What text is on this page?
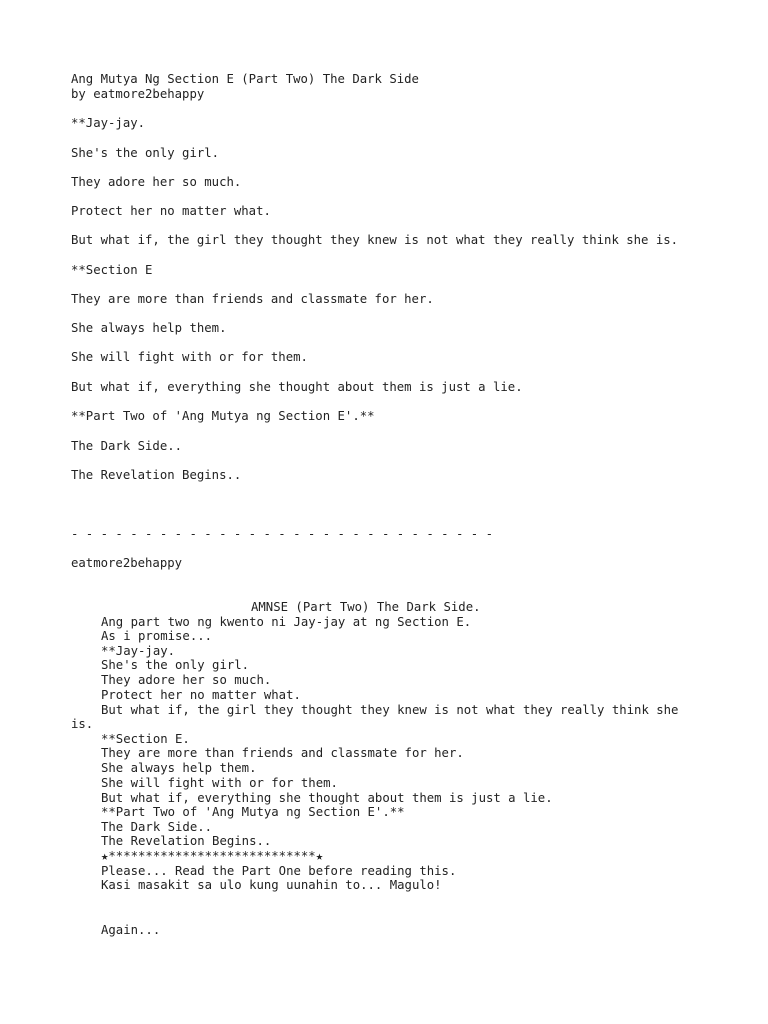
Ang Mutya Ng Section E (Part Two) The Dark Side
by eatmore2behappy
**Jay-jay.
She's the only girl.
They adore her so much.
Protect her no matter what.
But what if, the girl they thought they knew is not what they really think she is.
**Section E
They are more than friends and classmate for her.
She always help them.
She will fight with or for them.
But what if, everything she thought about them is just a lie.
**Part Two of 'Ang Mutya ng Section E'.**
The Dark Side..
The Revelation Begins..
- - - - - - - - - - - - - - - - - - - - - - - - - - - - -
eatmore2behappy
AMNSE (Part Two) The Dark Side.
Ang part two ng kwento ni Jay-jay at ng Section E.
As i promise...
**Jay-jay.
She's the only girl.
They adore her so much.
Protect her no matter what.
But what if, the girl they thought they knew is not what they really think she
is.
**Section E.
They are more than friends and classmate for her.
She always help them.
She will fight with or for them.
But what if, everything she thought about them is just a lie.
**Part Two of 'Ang Mutya ng Section E'.**
The Dark Side..
The Revelation Begins..
★****************************★
Please... Read the Part One before reading this.
Kasi masakit sa ulo kung uunahin to... Magulo!
Again...
